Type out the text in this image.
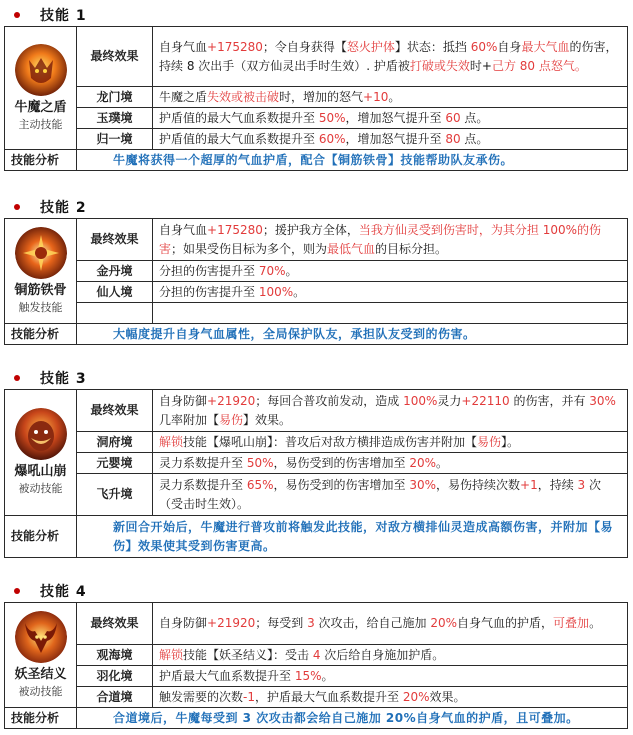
技能 1
牛魔之盾
主动技能	最终效果	自身气血+175280；令自身获得【怒火护体】状态：抵挡 60%自身最大气血的伤害，持续 8 次出手（双方仙灵出手时生效）. 护盾被打破或失效时+己方 80 点怒气。
	龙门境	牛魔之盾失效或被击破时，增加的怒气+10。
	玉璞境	护盾值的最大气血系数提升至 50%，增加怒气提升至 60 点。
	归一境	护盾值的最大气血系数提升至 60%，增加怒气提升至 80 点。
技能分析	牛魔将获得一个超厚的气血护盾，配合【铜筋铁骨】技能帮助队友承伤。	
技能 2
铜筋铁骨
触发技能	最终效果	自身气血+175280；援护我方全体，当我方仙灵受到伤害时，为其分担 100%的伤害；如果受伤目标为多个，则为最低气血的目标分担。
	金丹境	分担的伤害提升至 70%。
	仙人境	分担的伤害提升至 100%。

技能分析	大幅度提升自身气血属性，全局保护队友，承担队友受到的伤害。	
技能 3
爆吼山崩
被动技能	最终效果	自身防御+21920；每回合普攻前发动，造成 100%灵力+22110 的伤害，并有 30%几率附加【易伤】效果。
	洞府境	解锁技能【爆吼山崩】：普攻后对敌方横排造成伤害并附加【易伤】。
	元婴境	灵力系数提升至 50%，易伤受到的伤害增加至 20%。
	飞升境	灵力系数提升至 65%，易伤受到的伤害增加至 30%，易伤持续次数+1，持续 3 次（受击时生效）。
技能分析	新回合开始后，牛魔进行普攻前将触发此技能，对敌方横排仙灵造成高额伤害，并附加【易伤】效果使其受到伤害更高。	
技能 4
妖圣结义
被动技能	最终效果	自身防御+21920；每受到 3 次攻击，给自己施加 20%自身气血的护盾，可叠加。
	观海境	解锁技能【妖圣结义】：受击 4 次后给自身施加护盾。
	羽化境	护盾最大气血系数提升至 15%。
	合道境	触发需要的次数-1，护盾最大气血系数提升至 20%效果。
技能分析	合道境后，牛魔每受到 3 次攻击都会给自己施加 20%自身气血的护盾，且可叠加。	
